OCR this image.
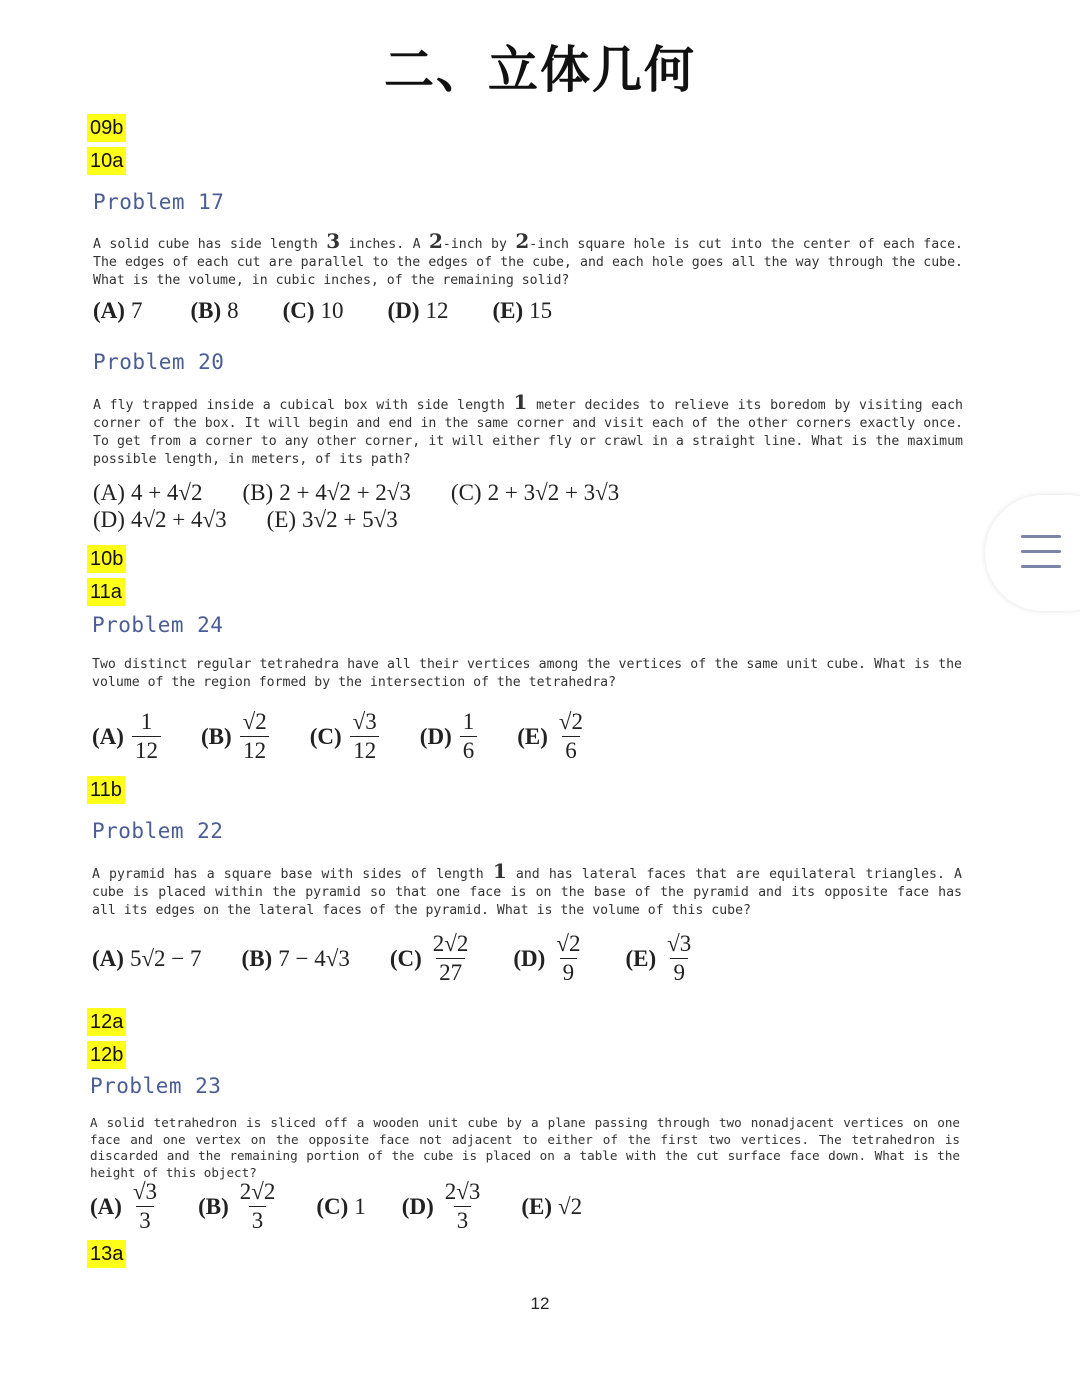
二、立体几何
09b
10a
Problem 17
A solid cube has side length 3 inches. A 2-inch by 2-inch square hole is cut into the center of each face. The edges of each cut are parallel to the edges of the cube, and each hole goes all the way through the cube. What is the volume, in cubic inches, of the remaining solid?
(A) 7 (B) 8 (C) 10 (D) 12 (E) 15
Problem 20
A fly trapped inside a cubical box with side length 1 meter decides to relieve its boredom by visiting each corner of the box. It will begin and end in the same corner and visit each of the other corners exactly once. To get from a corner to any other corner, it will either fly or crawl in a straight line. What is the maximum possible length, in meters, of its path?
(A) 4 + 4√2 (B) 2 + 4√2 + 2√3 (C) 2 + 3√2 + 3√3
(D) 4√2 + 4√3 (E) 3√2 + 5√3
10b
11a
Problem 24
Two distinct regular tetrahedra have all their vertices among the vertices of the same unit cube. What is the volume of the region formed by the intersection of the tetrahedra?
$(A) \frac{1}{12} (B) \frac{√2}{12} (C) \frac{√3}{12} (D) \frac{1}{6} (E) \frac{√2}{6}$
11b
Problem 22
A pyramid has a square base with sides of length 1 and has lateral faces that are equilateral triangles. A cube is placed within the pyramid so that one face is on the base of the pyramid and its opposite face has all its edges on the lateral faces of the pyramid. What is the volume of this cube?
(A) 5√2 − 7 (B) 7 − 4√3 $(C) \frac{2√2}{27} (D) \frac{√2}{9} (E) \frac{√3}{9}$
12a
12b
Problem 23
A solid tetrahedron is sliced off a wooden unit cube by a plane passing through two nonadjacent vertices on one face and one vertex on the opposite face not adjacent to either of the first two vertices. The tetrahedron is discarded and the remaining portion of the cube is placed on a table with the cut surface face down. What is the height of this object?
$(A) \frac{√3}{3} (B) \frac{2√2}{3} (C)$ 1 $(D) \frac{2√3}{3} (E)$ √2
13a
12
